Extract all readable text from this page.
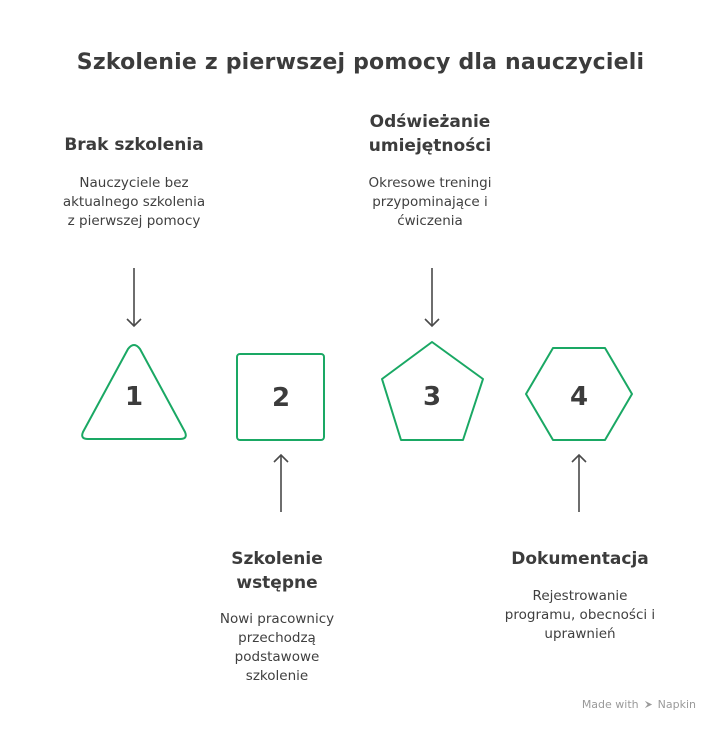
Szkolenie z pierwszej pomocy dla nauczycieli
Brak szkolenia
Nauczyciele bez
aktualnego szkolenia
z pierwszej pomocy
Odświeżanie
umiejętności
Okresowe treningi
przypominające i
ćwiczenia
Szkolenie
wstępne
Nowi pracownicy
przechodzą
podstawowe
szkolenie
Dokumentacja
Rejestrowanie
programu, obecności i
uprawnień
1	2	3	4
Made with Napkin
